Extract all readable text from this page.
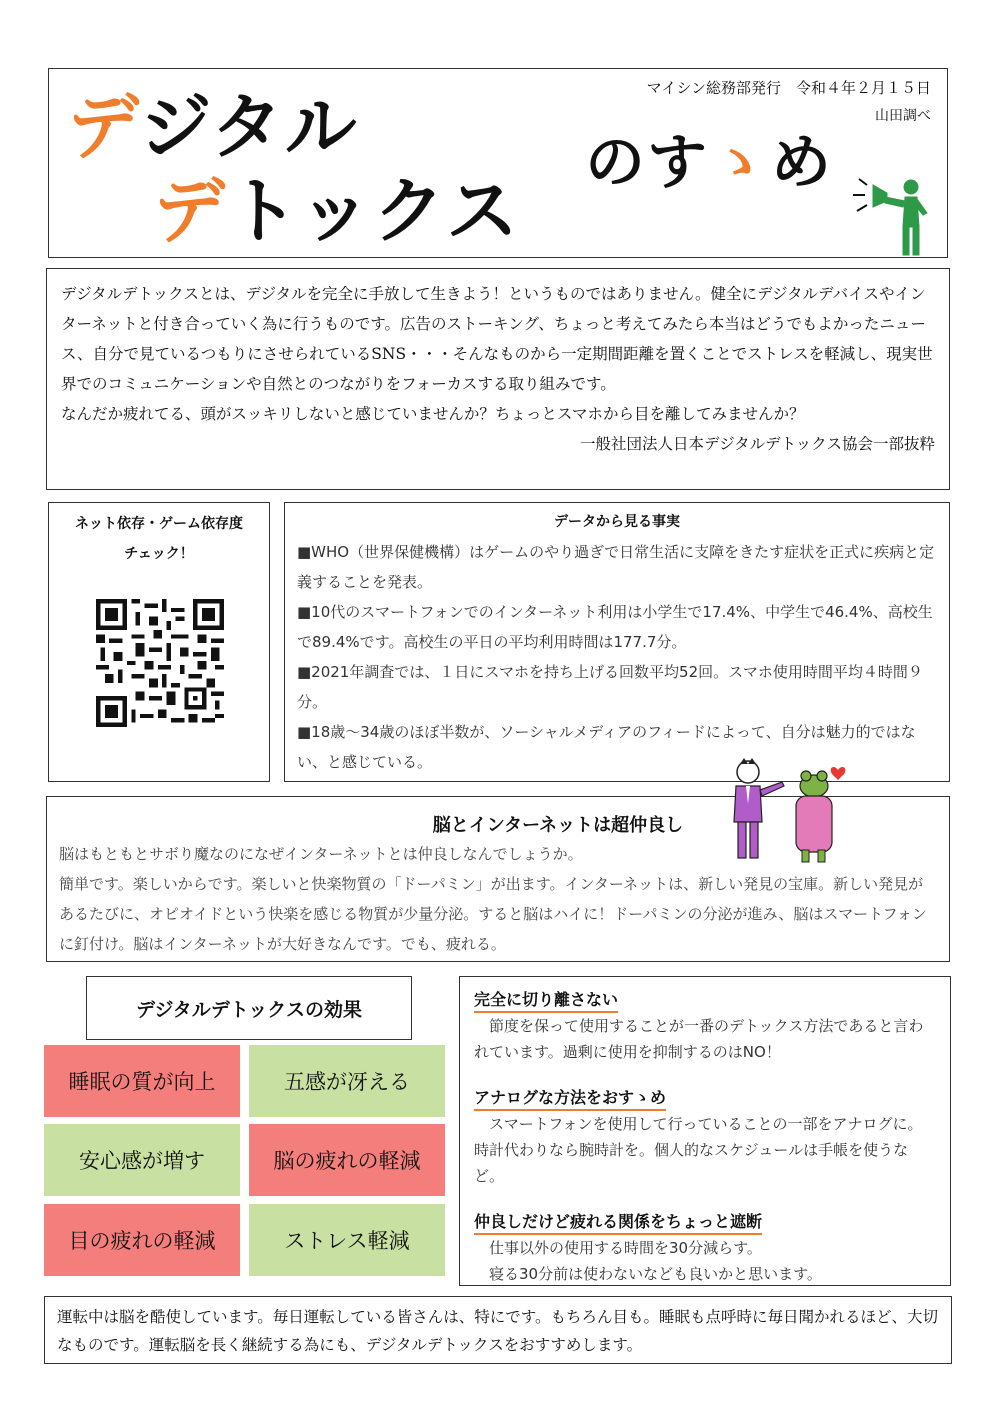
デジタル
デトックス
のすゝめ
マイシン総務部発行　令和４年２月１５日
山田調べ

デジタルデトックスとは、デジタルを完全に手放して生きよう！というものではありません。健全にデジタルデバイスやインターネットと付き合っていく為に行うものです。広告のストーキング、ちょっと考えてみたら本当はどうでもよかったニュース、自分で見ているつもりにさせられているSNS・・・そんなものから一定期間距離を置くことでストレスを軽減し、現実世界でのコミュニケーションや自然とのつながりをフォーカスする取り組みです。

なんだか疲れてる、頭がスッキリしないと感じていませんか？ちょっとスマホから目を離してみませんか？

一般社団法人日本デジタルデトックス協会一部抜粋

ネット依存・ゲーム依存度
チェック！
データから見る事実

■WHO（世界保健機構）はゲームのやり過ぎで日常生活に支障をきたす症状を正式に疾病と定義することを発表。

■10代のスマートフォンでのインターネット利用は小学生で17.4%、中学生で46.4%、高校生で89.4%です。高校生の平日の平均利用時間は177.7分。

■2021年調査では、１日にスマホを持ち上げる回数平均52回。スマホ使用時間平均４時間９分。

■18歳〜34歳のほぼ半数が、ソーシャルメディアのフィードによって、自分は魅力的ではない、と感じている。

脳とインターネットは超仲良し

脳はもともとサボり魔なのになぜインターネットとは仲良しなんでしょうか。

簡単です。楽しいからです。楽しいと快楽物質の「ドーパミン」が出ます。インターネットは、新しい発見の宝庫。新しい発見があるたびに、オピオイドという快楽を感じる物質が少量分泌。すると脳はハイに！ドーパミンの分泌が進み、脳はスマートフォンに釘付け。脳はインターネットが大好きなんです。でも、疲れる。

デジタルデトックスの効果
睡眠の質が向上	五感が冴える
安心感が増す	脳の疲れの軽減
目の疲れの軽減	ストレス軽減
完全に切り離さない

節度を保って使用することが一番のデトックス方法であると言われています。過剰に使用を抑制するのはNO！

アナログな方法をおすゝめ

スマートフォンを使用して行っていることの一部をアナログに。時計代わりなら腕時計を。個人的なスケジュールは手帳を使うなど。

仲良しだけど疲れる関係をちょっと遮断

仕事以外の使用する時間を30分減らす。

寝る30分前は使わないなども良いかと思います。

運転中は脳を酷使しています。毎日運転している皆さんは、特にです。もちろん目も。睡眠も点呼時に毎日聞かれるほど、大切なものです。運転脳を長く継続する為にも、デジタルデトックスをおすすめします。
